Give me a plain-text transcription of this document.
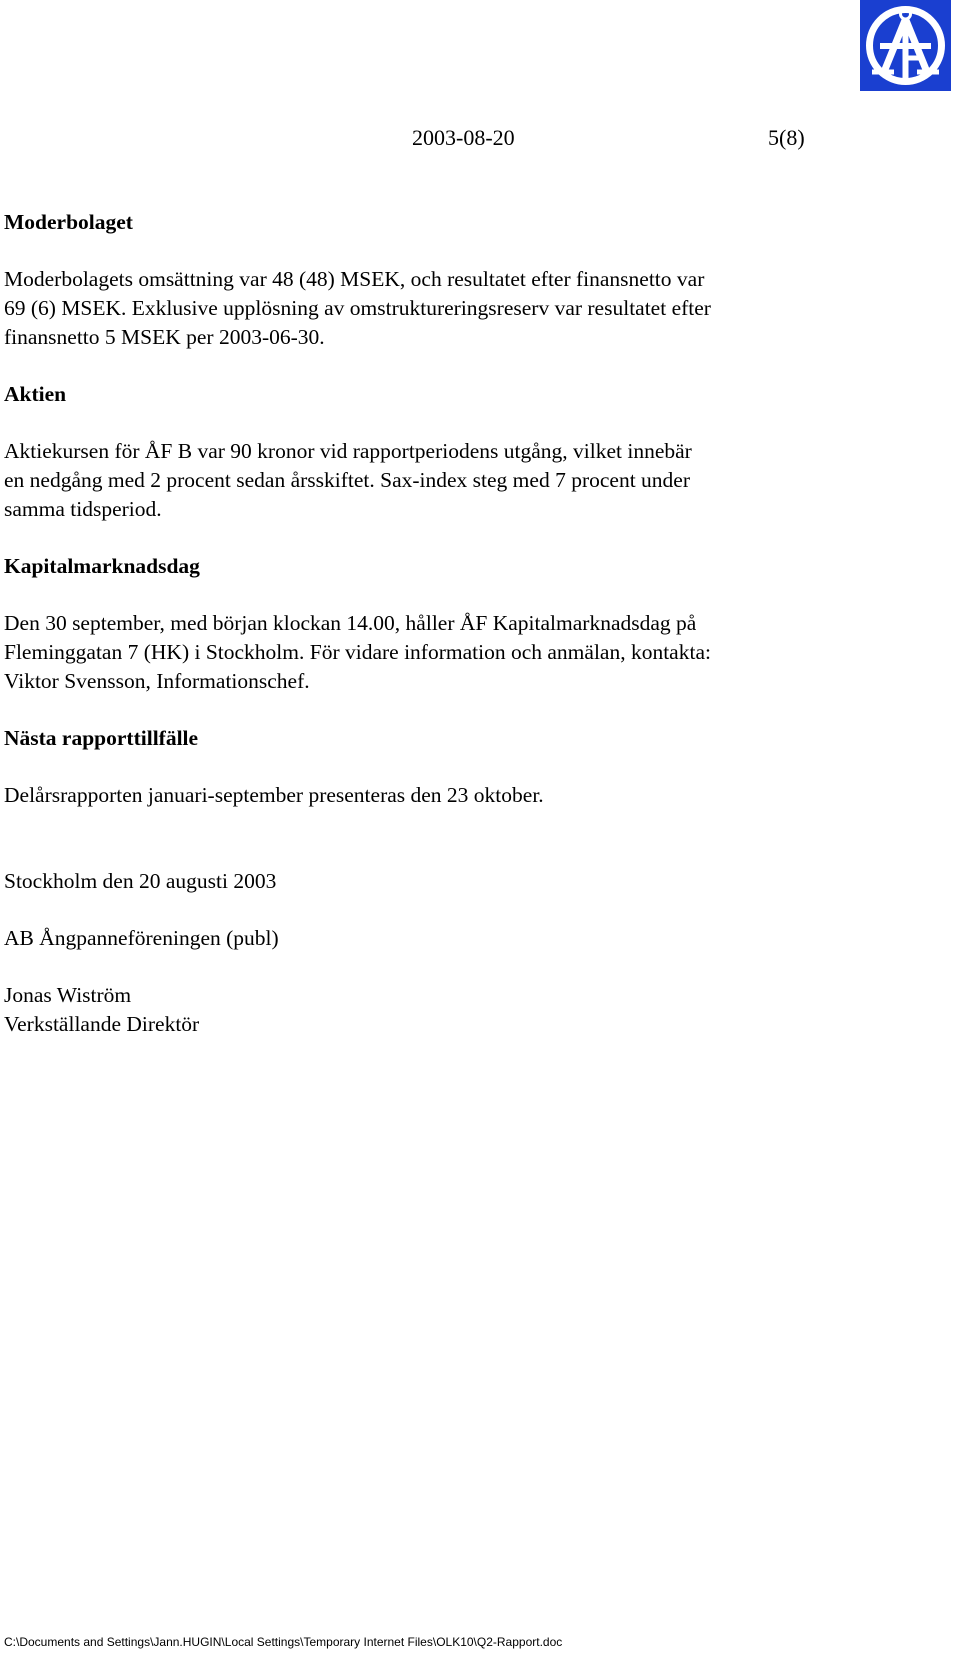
2003-08-20	5(8)
Moderbolaget
Moderbolagets omsättning var 48 (48) MSEK, och resultatet efter finansnetto var
69 (6) MSEK. Exklusive upplösning av omstruktureringsreserv var resultatet efter
finansnetto 5 MSEK per 2003-06-30.
Aktien
Aktiekursen för ÅF B var 90 kronor vid rapportperiodens utgång, vilket innebär
en nedgång med 2 procent sedan årsskiftet. Sax-index steg med 7 procent under
samma tidsperiod.
Kapitalmarknadsdag
Den 30 september, med början klockan 14.00, håller ÅF Kapitalmarknadsdag på
Fleminggatan 7 (HK) i Stockholm. För vidare information och anmälan, kontakta:
Viktor Svensson, Informationschef.
Nästa rapporttillfälle
Delårsrapporten januari-september presenteras den 23 oktober.
Stockholm den 20 augusti 2003
AB Ångpanneföreningen (publ)
Jonas Wiström
Verkställande Direktör
C:\Documents and Settings\Jann.HUGIN\Local Settings\Temporary Internet Files\OLK10\Q2-Rapport.doc
